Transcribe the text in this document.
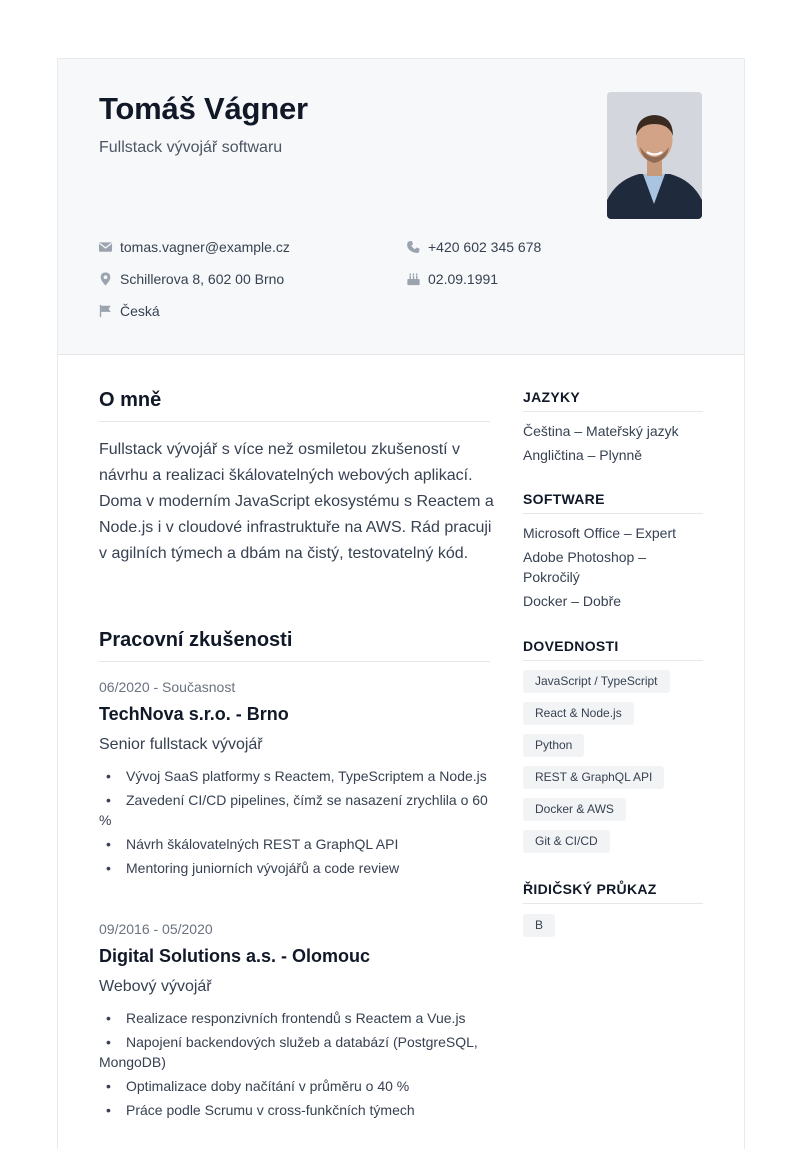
Tomáš Vágner
Fullstack vývojář softwaru
tomas.vagner@example.cz	+420 602 345 678
Schillerova 8, 602 00 Brno	02.09.1991
Česká
O mně
Fullstack vývojář s více než osmiletou zkušeností v návrhu a realizaci škálovatelných webových aplikací. Doma v moderním JavaScript ekosystému s Reactem a Node.js i v cloudové infrastruktuře na AWS. Rád pracuji v agilních týmech a dbám na čistý, testovatelný kód.
Pracovní zkušenosti
06/2020 - Současnost
TechNova s.r.o. - Brno
Senior fullstack vývojář
• Vývoj SaaS platformy s Reactem, TypeScriptem a Node.js
• Zavedení CI/CD pipelines, čímž se nasazení zrychlila o 60 %
• Návrh škálovatelných REST a GraphQL API
• Mentoring juniorních vývojářů a code review
09/2016 - 05/2020
Digital Solutions a.s. - Olomouc
Webový vývojář
• Realizace responzivních frontendů s Reactem a Vue.js
• Napojení backendových služeb a databází (PostgreSQL, MongoDB)
• Optimalizace doby načítání v průměru o 40 %
• Práce podle Scrumu v cross-funkčních týmech
JAZYKY
Čeština – Mateřský jazyk
Angličtina – Plynně
SOFTWARE
Microsoft Office – Expert
Adobe Photoshop – Pokročilý
Docker – Dobře
DOVEDNOSTI
JavaScript / TypeScript
React & Node.js
Python
REST & GraphQL API
Docker & AWS
Git & CI/CD
ŘIDIČSKÝ PRŮKAZ
B
